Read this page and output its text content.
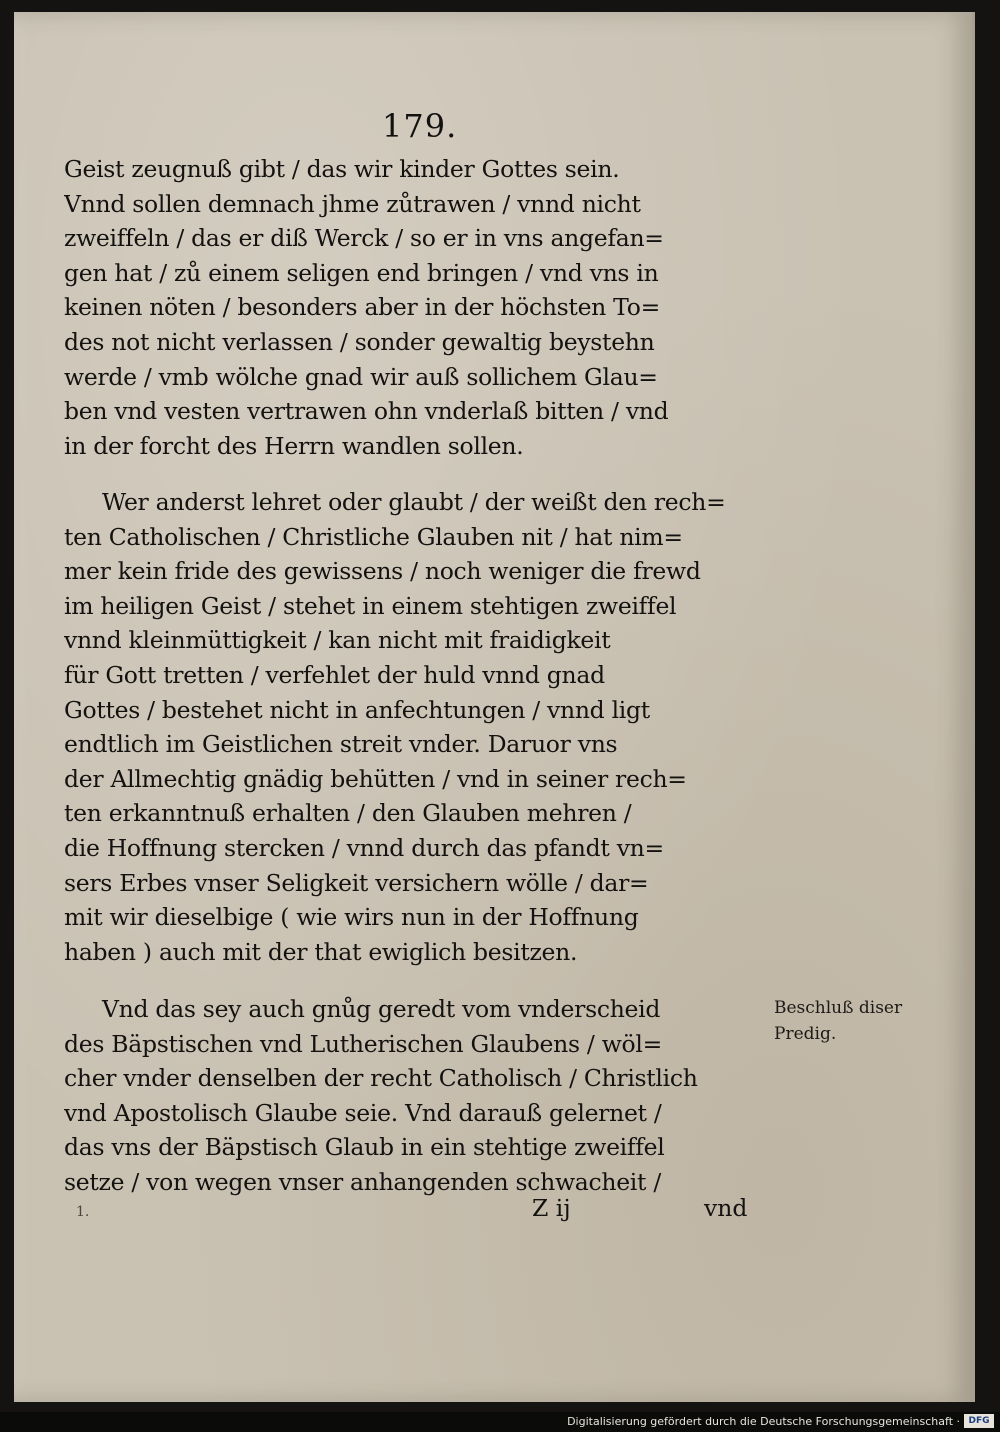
179.
Geist zeugnuß gibt / das wir kinder Gottes sein.
Vnnd sollen demnach jhme zůtrawen / vnnd nicht
zweiffeln / das er diß Werck / so er in vns angefan=
gen hat / zů einem seligen end bringen / vnd vns in
keinen nöten / besonders aber in der höchsten To=
des not nicht verlassen / sonder gewaltig beystehn
werde / vmb wölche gnad wir auß sollichem Glau=
ben vnd vesten vertrawen ohn vnderlaß bitten / vnd
in der forcht des Herrn wandlen sollen.
Wer anderst lehret oder glaubt / der weißt den rech=
ten Catholischen / Christliche Glauben nit / hat nim=
mer kein fride des gewissens / noch weniger die frewd
im heiligen Geist / stehet in einem stehtigen zweiffel
vnnd kleinmüttigkeit / kan nicht mit fraidigkeit
für Gott tretten / verfehlet der huld vnnd gnad
Gottes / bestehet nicht in anfechtungen / vnnd ligt
endtlich im Geistlichen streit vnder. Daruor vns
der Allmechtig gnädig behütten / vnd in seiner rech=
ten erkanntnuß erhalten / den Glauben mehren /
die Hoffnung stercken / vnnd durch das pfandt vn=
sers Erbes vnser Seligkeit versichern wölle / dar=
mit wir dieselbige ( wie wirs nun in der Hoffnung
haben ) auch mit der that ewiglich besitzen.
Vnd das sey auch gnůg geredt vom vnderscheid
des Bäpstischen vnd Lutherischen Glaubens / wöl=
cher vnder denselben der recht Catholisch / Christlich
vnd Apostolisch Glaube seie. Vnd darauß gelernet /
das vns der Bäpstisch Glaub in ein stehtige zweiffel
setze / von wegen vnser anhangenden schwacheit /
Beschluß diser
Predig.
1.	Z ij	vnd
Digitalisierung gefördert durch die Deutsche Forschungsgemeinschaft · DFG
